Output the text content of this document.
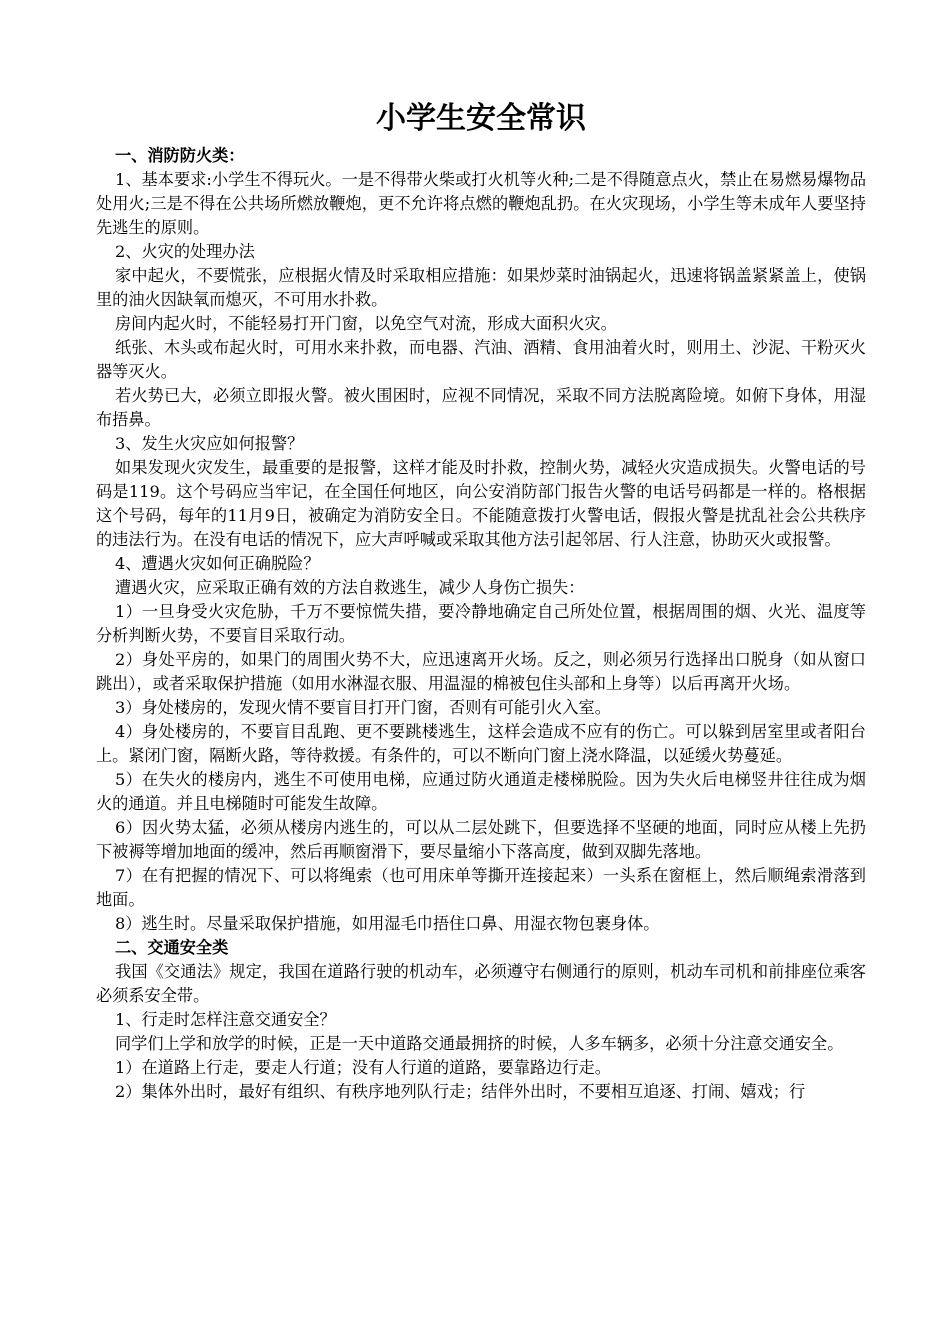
小学生安全常识

一、消防防火类：

1、基本要求:小学生不得玩火。一是不得带火柴或打火机等火种;二是不得随意点火，禁止在易燃易爆物品处用火;三是不得在公共场所燃放鞭炮，更不允许将点燃的鞭炮乱扔。在火灾现场，小学生等未成年人要坚持先逃生的原则。

2、火灾的处理办法

家中起火，不要慌张，应根据火情及时采取相应措施：如果炒菜时油锅起火，迅速将锅盖紧紧盖上，使锅里的油火因缺氧而熄灭，不可用水扑救。

房间内起火时，不能轻易打开门窗，以免空气对流，形成大面积火灾。

纸张、木头或布起火时，可用水来扑救，而电器、汽油、酒精、食用油着火时，则用土、沙泥、干粉灭火器等灭火。

若火势已大，必须立即报火警。被火围困时，应视不同情况，采取不同方法脱离险境。如俯下身体，用湿布捂鼻。

3、发生火灾应如何报警？

如果发现火灾发生，最重要的是报警，这样才能及时扑救，控制火势，减轻火灾造成损失。火警电话的号码是119。这个号码应当牢记，在全国任何地区，向公安消防部门报告火警的电话号码都是一样的。格根据这个号码，每年的11月9日，被确定为消防安全日。不能随意拨打火警电话，假报火警是扰乱社会公共秩序的违法行为。在没有电话的情况下，应大声呼喊或采取其他方法引起邻居、行人注意，协助灭火或报警。

4、遭遇火灾如何正确脱险？

遭遇火灾，应采取正确有效的方法自救逃生，减少人身伤亡损失：

1）一旦身受火灾危胁，千万不要惊慌失措，要冷静地确定自己所处位置，根据周围的烟、火光、温度等分析判断火势，不要盲目采取行动。

2）身处平房的，如果门的周围火势不大，应迅速离开火场。反之，则必须另行选择出口脱身（如从窗口跳出），或者采取保护措施（如用水淋湿衣服、用温湿的棉被包住头部和上身等）以后再离开火场。

3）身处楼房的，发现火情不要盲目打开门窗，否则有可能引火入室。

4）身处楼房的，不要盲目乱跑、更不要跳楼逃生，这样会造成不应有的伤亡。可以躲到居室里或者阳台上。紧闭门窗，隔断火路，等待救援。有条件的，可以不断向门窗上浇水降温，以延缓火势蔓延。

5）在失火的楼房内，逃生不可使用电梯，应通过防火通道走楼梯脱险。因为失火后电梯竖井往往成为烟火的通道。并且电梯随时可能发生故障。

6）因火势太猛，必须从楼房内逃生的，可以从二层处跳下，但要选择不坚硬的地面，同时应从楼上先扔下被褥等增加地面的缓冲，然后再顺窗滑下，要尽量缩小下落高度，做到双脚先落地。

7）在有把握的情况下、可以将绳索（也可用床单等撕开连接起来）一头系在窗框上，然后顺绳索滑落到地面。

8）逃生时。尽量采取保护措施，如用湿毛巾捂住口鼻、用湿衣物包裹身体。

二、交通安全类

我国《交通法》规定，我国在道路行驶的机动车，必须遵守右侧通行的原则，机动车司机和前排座位乘客必须系安全带。

1、行走时怎样注意交通安全？

同学们上学和放学的时候，正是一天中道路交通最拥挤的时候，人多车辆多，必须十分注意交通安全。

1）在道路上行走，要走人行道；没有人行道的道路，要靠路边行走。

2）集体外出时，最好有组织、有秩序地列队行走；结伴外出时，不要相互追逐、打闹、嬉戏；行
